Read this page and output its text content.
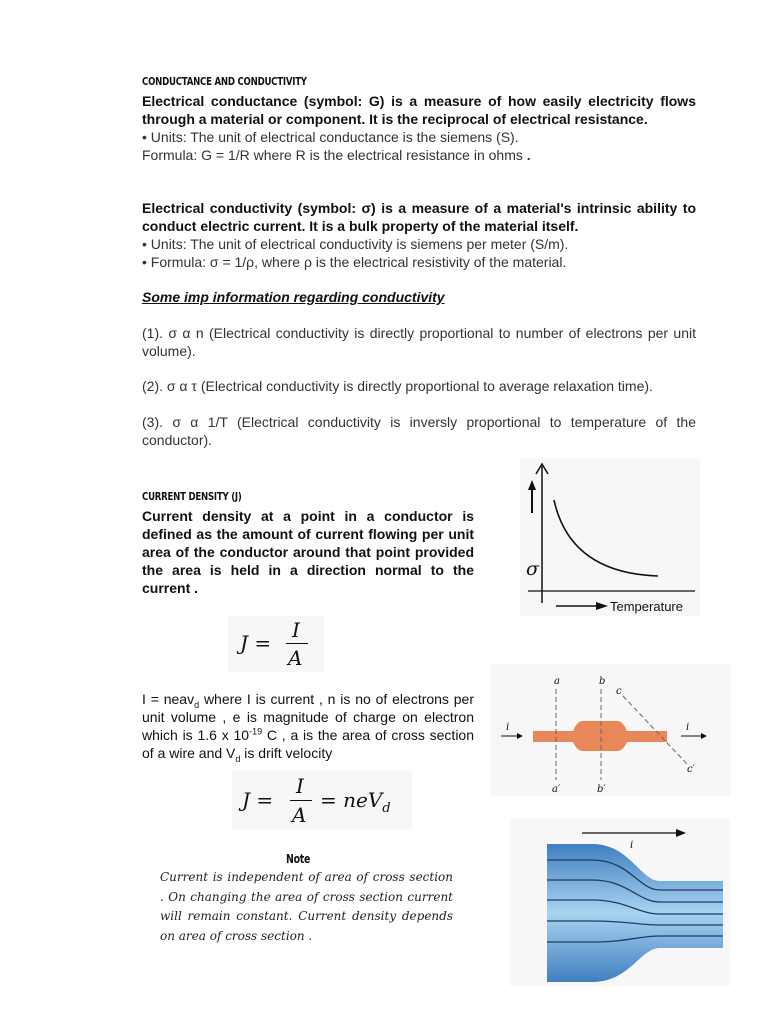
CONDUCTANCE AND CONDUCTIVITY
Electrical conductance (symbol: G) is a measure of how easily electricity flows through a material or component. It is the reciprocal of electrical resistance.
• Units: The unit of electrical conductance is the siemens (S).
Formula: G = 1/R where R is the electrical resistance in ohms .
Electrical conductivity (symbol: σ) is a measure of a material's intrinsic ability to conduct electric current. It is a bulk property of the material itself.
• Units: The unit of electrical conductivity is siemens per meter (S/m).
• Formula: σ = 1/ρ, where ρ is the electrical resistivity of the material.
Some imp information regarding conductivity
(1). σ α n (Electrical conductivity is directly proportional to number of electrons per unit volume).
(2). σ α τ (Electrical conductivity is directly proportional to average relaxation time).
(3). σ α 1/T (Electrical conductivity is inversly proportional to temperature of the conductor).
σ
Temperature
CURRENT DENSITY (J)
Current density at a point in a conductor is defined as the amount of current flowing per unit area of the conductor around that point provided the area is held in a direction normal to the current .
J =
I
A
I = neav$_d$ where I is current , n is no of electrons per unit volume , e is magnitude of charge on electron which is 1.6 x $10^{-19}$ C , a is the area of cross section of a wire and $V_d$ is drift velocity
J =
I
A
= neV$_d$
a	b
c
a′	b′
c′
i	i
i
Note
Current is independent of area of cross section . On changing the area of cross section current will remain constant. Current density depends on area of cross section .
